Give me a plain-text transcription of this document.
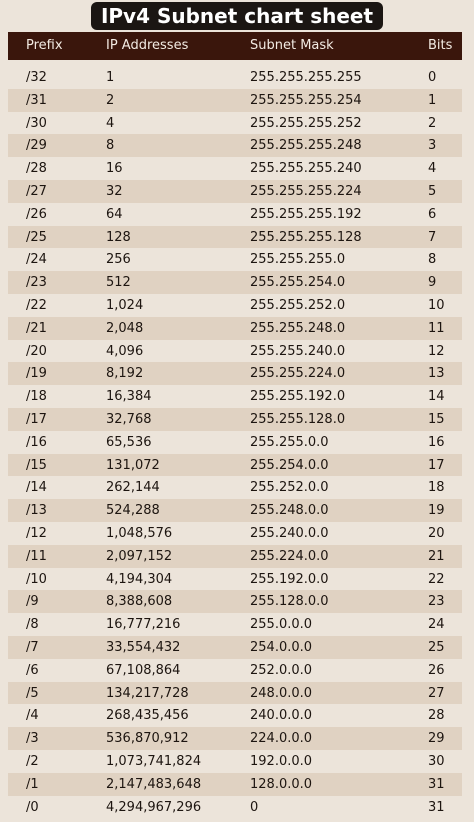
IPv4 Subnet chart sheet
Prefix	IP Addresses	Subnet Mask	Bits
/32	1	255.255.255.255	0
/31	2	255.255.255.254	1
/30	4	255.255.255.252	2
/29	8	255.255.255.248	3
/28	16	255.255.255.240	4
/27	32	255.255.255.224	5
/26	64	255.255.255.192	6
/25	128	255.255.255.128	7
/24	256	255.255.255.0	8
/23	512	255.255.254.0	9
/22	1,024	255.255.252.0	10
/21	2,048	255.255.248.0	11
/20	4,096	255.255.240.0	12
/19	8,192	255.255.224.0	13
/18	16,384	255.255.192.0	14
/17	32,768	255.255.128.0	15
/16	65,536	255.255.0.0	16
/15	131,072	255.254.0.0	17
/14	262,144	255.252.0.0	18
/13	524,288	255.248.0.0	19
/12	1,048,576	255.240.0.0	20
/11	2,097,152	255.224.0.0	21
/10	4,194,304	255.192.0.0	22
/9	8,388,608	255.128.0.0	23
/8	16,777,216	255.0.0.0	24
/7	33,554,432	254.0.0.0	25
/6	67,108,864	252.0.0.0	26
/5	134,217,728	248.0.0.0	27
/4	268,435,456	240.0.0.0	28
/3	536,870,912	224.0.0.0	29
/2	1,073,741,824	192.0.0.0	30
/1	2,147,483,648	128.0.0.0	31
/0	4,294,967,296	0	31
